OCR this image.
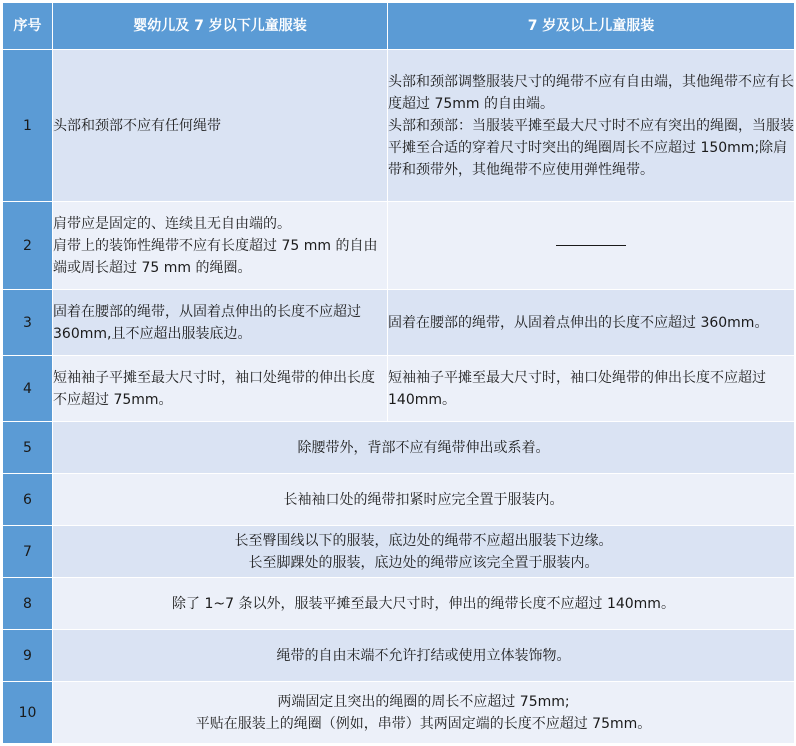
序号	婴幼儿及 7 岁以下儿童服装	7 岁及以上儿童服装
1	头部和颈部不应有任何绳带	头部和颈部调整服装尺寸的绳带不应有自由端，其他绳带不应有长度超过 75mm 的自由端。
头部和颈部：当服装平摊至最大尺寸时不应有突出的绳圈，当服装平摊至合适的穿着尺寸时突出的绳圈周长不应超过 150mm;除肩带和颈带外，其他绳带不应使用弹性绳带。

2	肩带应是固定的、连续且无自由端的。
肩带上的装饰性绳带不应有长度超过 75 mm 的自由端或周长超过 75 mm 的绳圈。	

3	固着在腰部的绳带，从固着点伸出的长度不应超过 360mm,且不应超出服装底边。	固着在腰部的绳带，从固着点伸出的长度不应超过 360mm。

4	短袖袖子平摊至最大尺寸时，袖口处绳带的伸出长度不应超过 75mm。	短袖袖子平摊至最大尺寸时，袖口处绳带的伸出长度不应超过 140mm。

5	除腰带外，背部不应有绳带伸出或系着。	

6	长袖袖口处的绳带扣紧时应完全置于服装内。	

7	长至臀围线以下的服装，底边处的绳带不应超出服装下边缘。
长至脚踝处的服装，底边处的绳带应该完全置于服装内。	

8	除了 1~7 条以外，服装平摊至最大尺寸时，伸出的绳带长度不应超过 140mm。	

9	绳带的自由末端不允许打结或使用立体装饰物。	

10	两端固定且突出的绳圈的周长不应超过 75mm;
平贴在服装上的绳圈（例如，串带）其两固定端的长度不应超过 75mm。	
